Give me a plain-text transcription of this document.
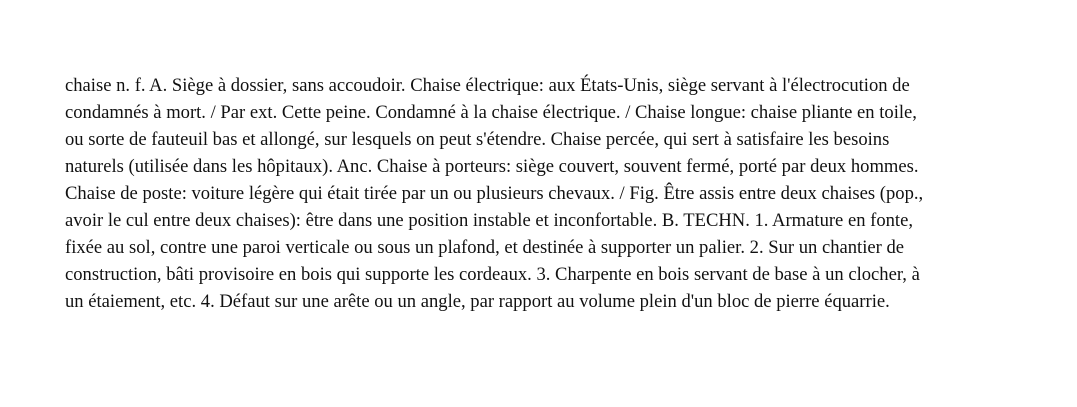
chaise n. f. A. Siège à dossier, sans accoudoir. Chaise électrique: aux États-Unis, siège servant à l'électrocution de
condamnés à mort. / Par ext. Cette peine. Condamné à la chaise électrique. / Chaise longue: chaise pliante en toile,
ou sorte de fauteuil bas et allongé, sur lesquels on peut s'étendre. Chaise percée, qui sert à satisfaire les besoins
naturels (utilisée dans les hôpitaux). Anc. Chaise à porteurs: siège couvert, souvent fermé, porté par deux hommes.
Chaise de poste: voiture légère qui était tirée par un ou plusieurs chevaux. / Fig. Être assis entre deux chaises (pop.,
avoir le cul entre deux chaises): être dans une position instable et inconfortable. B. TECHN. 1. Armature en fonte,
fixée au sol, contre une paroi verticale ou sous un plafond, et destinée à supporter un palier. 2. Sur un chantier de
construction, bâti provisoire en bois qui supporte les cordeaux. 3. Charpente en bois servant de base à un clocher, à
un étaiement, etc. 4. Défaut sur une arête ou un angle, par rapport au volume plein d'un bloc de pierre équarrie.
